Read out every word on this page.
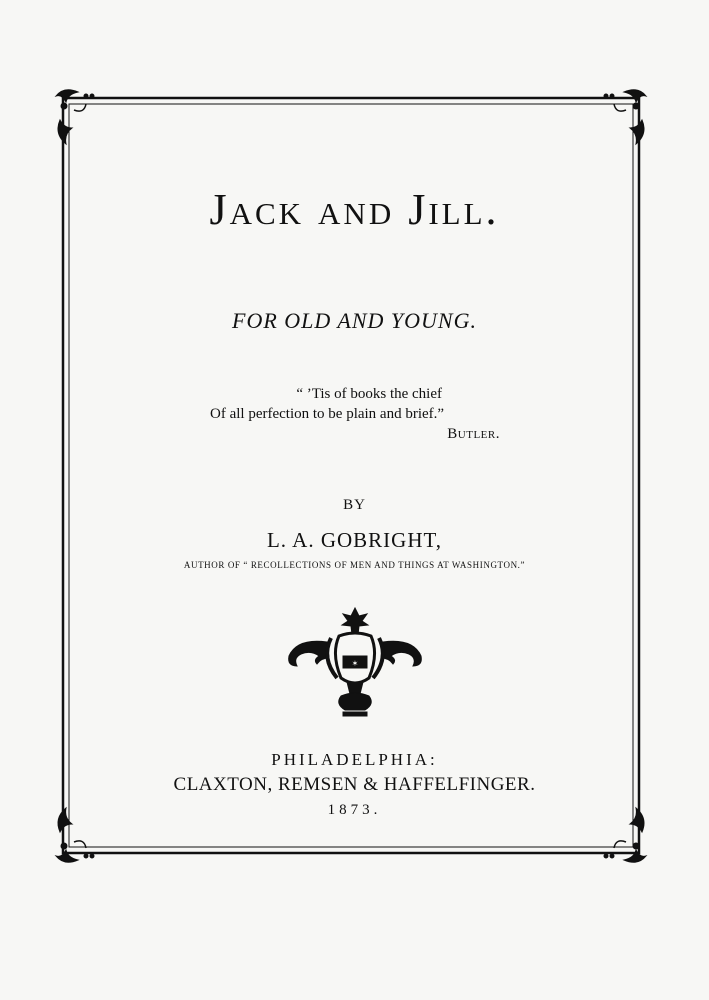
Jack and Jill.
FOR OLD AND YOUNG.
“ ’Tis of books the chief
Of all perfection to be plain and brief.”
Butler.
BY
L. A. GOBRIGHT,
AUTHOR OF “ RECOLLECTIONS OF MEN AND THINGS AT WASHINGTON.”
✶
PHILADELPHIA:
CLAXTON, REMSEN & HAFFELFINGER.
1873.
